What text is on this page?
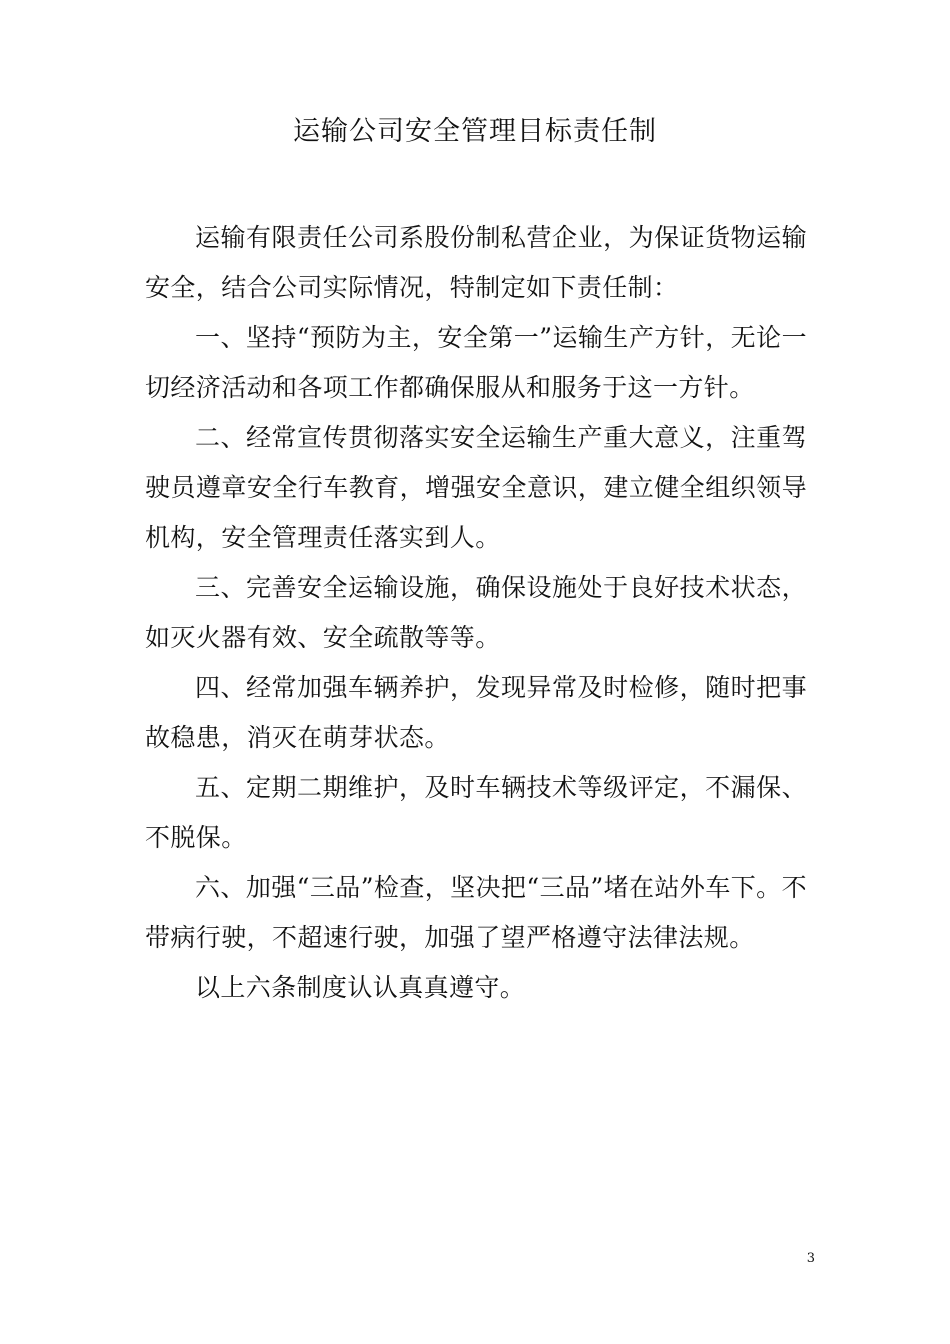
运输公司安全管理目标责任制

运输有限责任公司系股份制私营企业，为保证货物运输安全，结合公司实际情况，特制定如下责任制：

一、坚持“预防为主，安全第一”运输生产方针，无论一切经济活动和各项工作都确保服从和服务于这一方针。

二、经常宣传贯彻落实安全运输生产重大意义，注重驾驶员遵章安全行车教育，增强安全意识，建立健全组织领导机构，安全管理责任落实到人。

三、完善安全运输设施，确保设施处于良好技术状态，如灭火器有效、安全疏散等等。

四、经常加强车辆养护，发现异常及时检修，随时把事故稳患，消灭在萌芽状态。

五、定期二期维护，及时车辆技术等级评定，不漏保、不脱保。

六、加强“三品”检查，坚决把“三品”堵在站外车下。不带病行驶，不超速行驶，加强了望严格遵守法律法规。

以上六条制度认认真真遵守。

3
